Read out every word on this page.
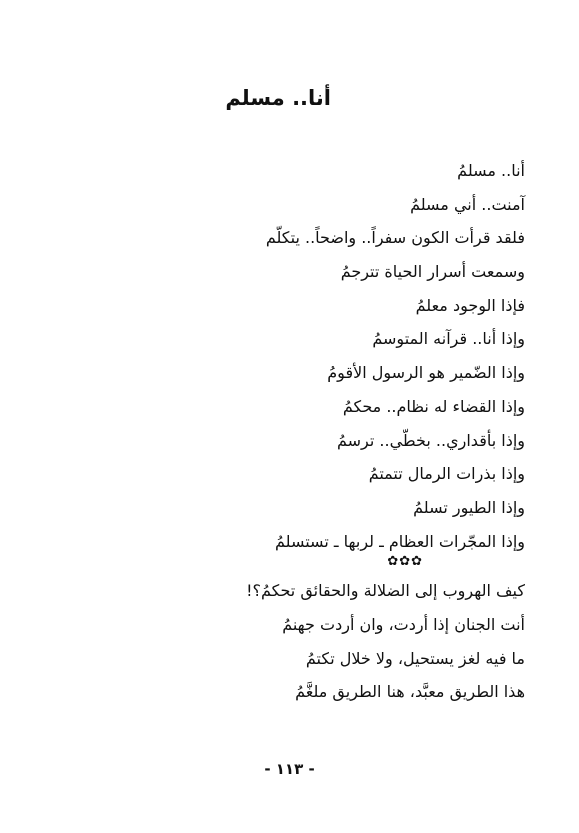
أنا.. مسلم
أنا.. مسلمُ
آمنت.. أني مسلمُ
فلقد قرأت الكون سفراً.. واضحاً.. يتكلّم
وسمعت أسرار الحياة تترجمُ
فإذا الوجود معلمُ
وإذا أنا.. قرآنه المتوسمُ
وإذا الضّمير هو الرسول الأقومُ
وإذا القضاء له نظام.. محكمُ
وإذا بأقداري.. بخطّي.. ترسمُ
وإذا بذرات الرمال تتمتمُ
وإذا الطيور تسلمُ
وإذا المجّرات العظام ـ لربها ـ تستسلمُ
✿✿✿
كيف الهروب إلى الضلالة والحقائق تحكمُ؟!
أنت الجنان إذا أردت، وان أردت جهنمُ
ما فيه لغز يستحيل، ولا خلال تكتمُ
هذا الطريق معبَّد، هنا الطريق ملغَّمُ
- ١١٣ -
